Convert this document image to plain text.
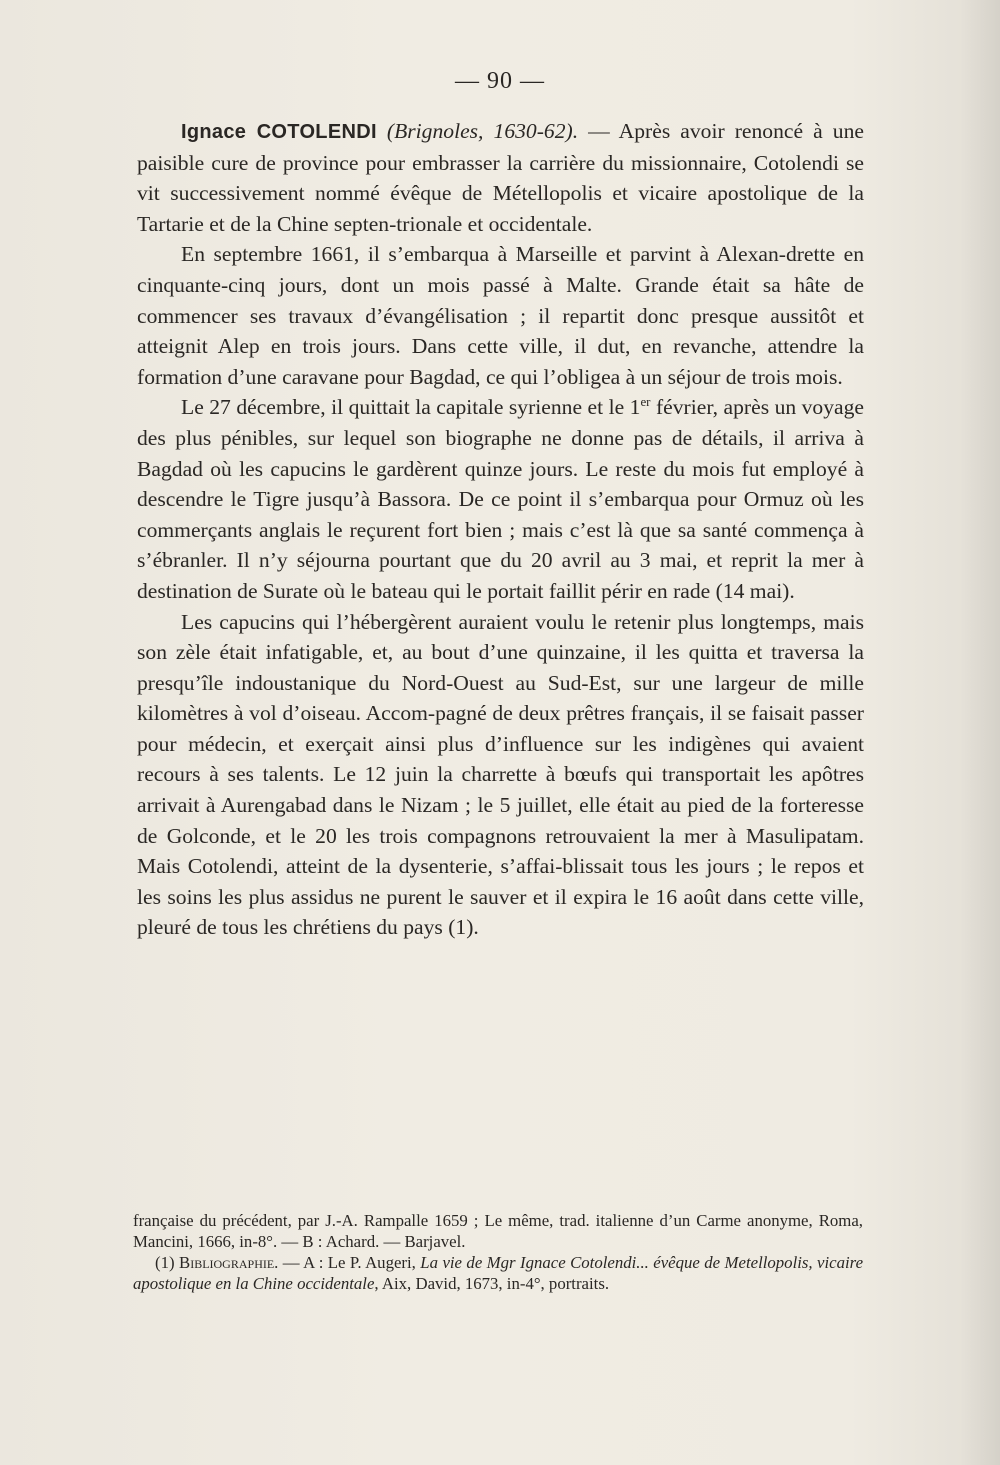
— 90 —

Ignace COTOLENDI (Brignoles, 1630-62). — Après avoir renoncé à une paisible cure de province pour embrasser la carrière du missionnaire, Cotolendi se vit successivement nommé évêque de Métellopolis et vicaire apostolique de la Tartarie et de la Chine septen-trionale et occidentale.

En septembre 1661, il s’embarqua à Marseille et parvint à Alexan-drette en cinquante-cinq jours, dont un mois passé à Malte. Grande était sa hâte de commencer ses travaux d’évangélisation ; il repartit donc presque aussitôt et atteignit Alep en trois jours. Dans cette ville, il dut, en revanche, attendre la formation d’une caravane pour Bagdad, ce qui l’obligea à un séjour de trois mois.

Le 27 décembre, il quittait la capitale syrienne et le 1er février, après un voyage des plus pénibles, sur lequel son biographe ne donne pas de détails, il arriva à Bagdad où les capucins le gardèrent quinze jours. Le reste du mois fut employé à descendre le Tigre jusqu’à Bassora. De ce point il s’embarqua pour Ormuz où les commerçants anglais le reçurent fort bien ; mais c’est là que sa santé commença à s’ébranler. Il n’y séjourna pourtant que du 20 avril au 3 mai, et reprit la mer à destination de Surate où le bateau qui le portait faillit périr en rade (14 mai).

Les capucins qui l’hébergèrent auraient voulu le retenir plus longtemps, mais son zèle était infatigable, et, au bout d’une quinzaine, il les quitta et traversa la presqu’île indoustanique du Nord-Ouest au Sud-Est, sur une largeur de mille kilomètres à vol d’oiseau. Accom-pagné de deux prêtres français, il se faisait passer pour médecin, et exerçait ainsi plus d’influence sur les indigènes qui avaient recours à ses talents. Le 12 juin la charrette à bœufs qui transportait les apôtres arrivait à Aurengabad dans le Nizam ; le 5 juillet, elle était au pied de la forteresse de Golconde, et le 20 les trois compagnons retrouvaient la mer à Masulipatam. Mais Cotolendi, atteint de la dysenterie, s’affai-blissait tous les jours ; le repos et les soins les plus assidus ne purent le sauver et il expira le 16 août dans cette ville, pleuré de tous les chrétiens du pays (1).

française du précédent, par J.-A. Rampalle 1659 ; Le même, trad. italienne d’un Carme anonyme, Roma, Mancini, 1666, in-8°. — B : Achard. — Barjavel.

(1) Bibliographie. — A : Le P. Augeri, La vie de Mgr Ignace Cotolendi... évêque de Metellopolis, vicaire apostolique en la Chine occidentale, Aix, David, 1673, in-4°, portraits.
